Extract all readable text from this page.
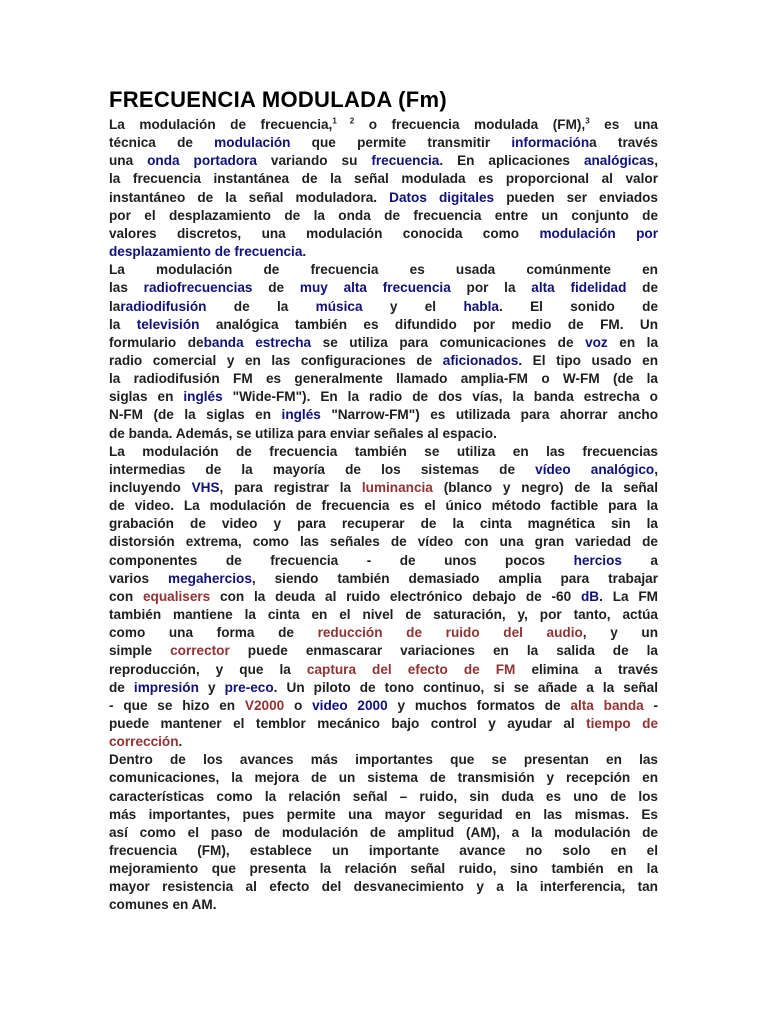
FRECUENCIA MODULADA (Fm)
La modulación de frecuencia,$^{1 2}$ o frecuencia modulada (FM),$^3$ es una
técnica de modulación que permite transmitir informacióna través
una onda portadora variando su frecuencia. En aplicaciones analógicas,
la frecuencia instantánea de la señal modulada es proporcional al valor
instantáneo de la señal moduladora. Datos digitales pueden ser enviados
por el desplazamiento de la onda de frecuencia entre un conjunto de
valores discretos, una modulación conocida como modulación por
desplazamiento de frecuencia.
La modulación de frecuencia es usada comúnmente en
las radiofrecuencias de muy alta frecuencia por la alta fidelidad de
laradiodifusión de la música y el habla. El sonido de
la televisión analógica también es difundido por medio de FM. Un
formulario debanda estrecha se utiliza para comunicaciones de voz en la
radio comercial y en las configuraciones de aficionados. El tipo usado en
la radiodifusión FM es generalmente llamado amplia-FM o W-FM (de la
siglas en inglés "Wide-FM"). En la radio de dos vías, la banda estrecha o
N-FM (de la siglas en inglés "Narrow-FM") es utilizada para ahorrar ancho
de banda. Además, se utiliza para enviar señales al espacio.
La modulación de frecuencia también se utiliza en las frecuencias
intermedias de la mayoría de los sistemas de vídeo analógico,
incluyendo VHS, para registrar la luminancia (blanco y negro) de la señal
de video. La modulación de frecuencia es el único método factible para la
grabación de video y para recuperar de la cinta magnética sin la
distorsión extrema, como las señales de vídeo con una gran variedad de
componentes de frecuencia - de unos pocos hercios a
varios megahercios, siendo también demasiado amplia para trabajar
con equalisers con la deuda al ruido electrónico debajo de -60 dB. La FM
también mantiene la cinta en el nivel de saturación, y, por tanto, actúa
como una forma de reducción de ruido del audio, y un
simple corrector puede enmascarar variaciones en la salida de la
reproducción, y que la captura del efecto de FM elimina a través
de impresión y pre-eco. Un piloto de tono continuo, si se añade a la señal
- que se hizo en V2000 o video 2000 y muchos formatos de alta banda -
puede mantener el temblor mecánico bajo control y ayudar al tiempo de
corrección.
Dentro de los avances más importantes que se presentan en las
comunicaciones, la mejora de un sistema de transmisión y recepción en
características como la relación señal – ruido, sin duda es uno de los
más importantes, pues permite una mayor seguridad en las mismas. Es
así como el paso de modulación de amplitud (AM), a la modulación de
frecuencia (FM), establece un importante avance no solo en el
mejoramiento que presenta la relación señal ruido, sino también en la
mayor resistencia al efecto del desvanecimiento y a la interferencia, tan
comunes en AM.
